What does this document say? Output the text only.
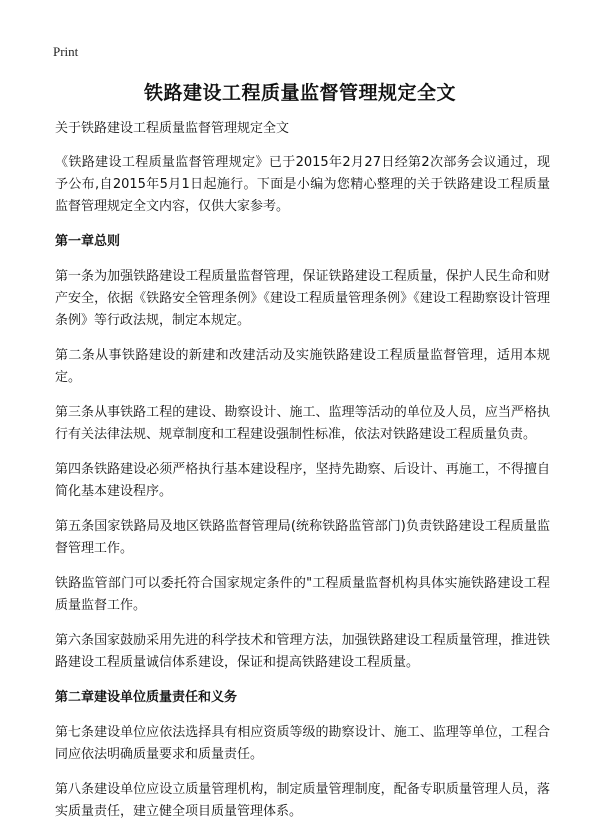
Print
铁路建设工程质量监督管理规定全文

关于铁路建设工程质量监督管理规定全文

《铁路建设工程质量监督管理规定》已于2015年2月27日经第2次部务会议通过，现予公布,自2015年5月1日起施行。下面是小编为您精心整理的关于铁路建设工程质量监督管理规定全文内容，仅供大家参考。

第一章总则

第一条为加强铁路建设工程质量监督管理，保证铁路建设工程质量，保护人民生命和财产安全，依据《铁路安全管理条例》《建设工程质量管理条例》《建设工程勘察设计管理条例》等行政法规，制定本规定。

第二条从事铁路建设的新建和改建活动及实施铁路建设工程质量监督管理，适用本规定。

第三条从事铁路工程的建设、勘察设计、施工、监理等活动的单位及人员，应当严格执行有关法律法规、规章制度和工程建设强制性标准，依法对铁路建设工程质量负责。

第四条铁路建设必须严格执行基本建设程序，坚持先勘察、后设计、再施工，不得擅自简化基本建设程序。

第五条国家铁路局及地区铁路监督管理局(统称铁路监管部门)负责铁路建设工程质量监督管理工作。

铁路监管部门可以委托符合国家规定条件的"工程质量监督机构具体实施铁路建设工程质量监督工作。

第六条国家鼓励采用先进的科学技术和管理方法，加强铁路建设工程质量管理，推进铁路建设工程质量诚信体系建设，保证和提高铁路建设工程质量。

第二章建设单位质量责任和义务

第七条建设单位应依法选择具有相应资质等级的勘察设计、施工、监理等单位，工程合同应依法明确质量要求和质量责任。

第八条建设单位应设立质量管理机构，制定质量管理制度，配备专职质量管理人员，落实质量责任，建立健全项目质量管理体系。
